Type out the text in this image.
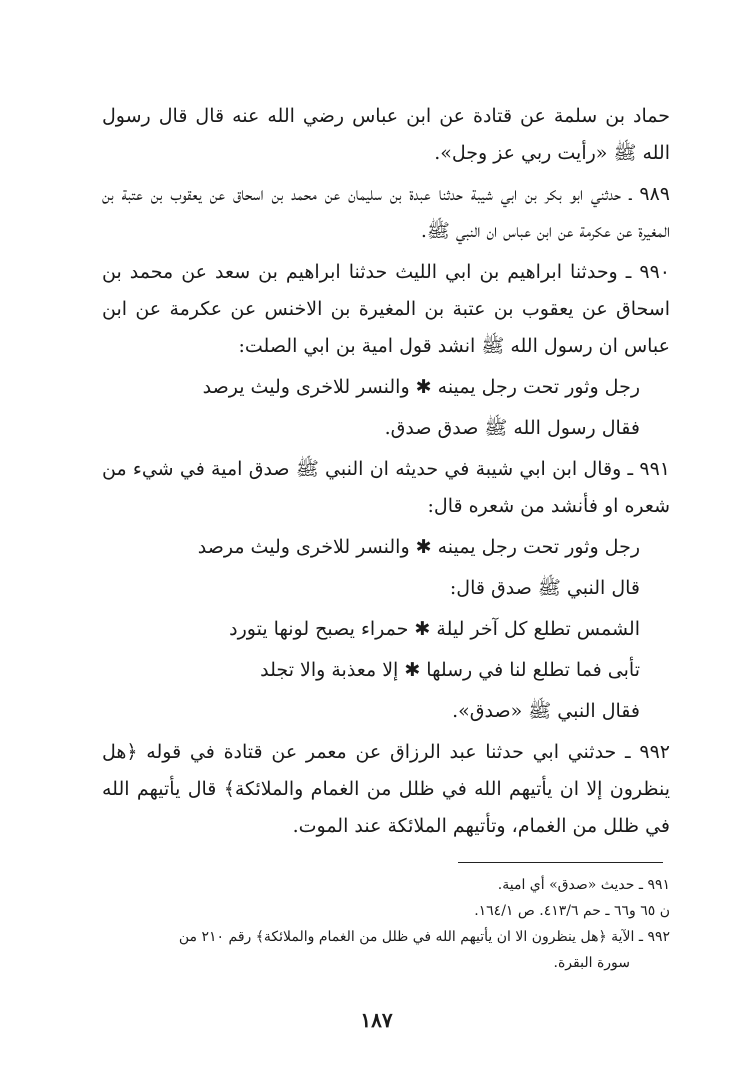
حماد بن سلمة عن قتادة عن ابن عباس رضي الله عنه قال قال رسول الله ﷺ «رأيت ربي عز وجل».

٩٨٩ ـ حدثني ابو بكر بن ابي شيبة حدثنا عبدة بن سليمان عن محمد بن اسحاق عن يعقوب بن عتبة بن المغيرة عن عكرمة عن ابن عباس ان النبي ﷺ.

٩٩٠ ـ وحدثنا ابراهيم بن ابي الليث حدثنا ابراهيم بن سعد عن محمد بن اسحاق عن يعقوب بن عتبة بن المغيرة بن الاخنس عن عكرمة عن ابن عباس ان رسول الله ﷺ انشد قول امية بن ابي الصلت:

رجل وثور تحت رجل يمينه ✱ والنسر للاخرى وليث يرصد

فقال رسول الله ﷺ صدق صدق.

٩٩١ ـ وقال ابن ابي شيبة في حديثه ان النبي ﷺ صدق امية في شيء من شعره او فأنشد من شعره قال:

رجل وثور تحت رجل يمينه ✱ والنسر للاخرى وليث مرصد

قال النبي ﷺ صدق قال:

الشمس تطلع كل آخر ليلة ✱ حمراء يصبح لونها يتورد

تأبى فما تطلع لنا في رسلها ✱ إلا معذبة والا تجلد

فقال النبي ﷺ «صدق».

٩٩٢ ـ حدثني ابي حدثنا عبد الرزاق عن معمر عن قتادة في قوله ﴿هل ينظرون إلا ان يأتيهم الله في ظلل من الغمام والملائكة﴾ قال يأتيهم الله في ظلل من الغمام، وتأتيهم الملائكة عند الموت.

٩٩١ ـ حديث «صدق» أي امية.

ن ٦٥ و٦٦ ـ حم ٤١٣/٦. ص ١٦٤/١.

٩٩٢ ـ الآية ﴿هل ينظرون الا ان يأتيهم الله في ظلل من الغمام والملائكة﴾ رقم ٢١٠ من

سورة البقرة.

١٨٧
